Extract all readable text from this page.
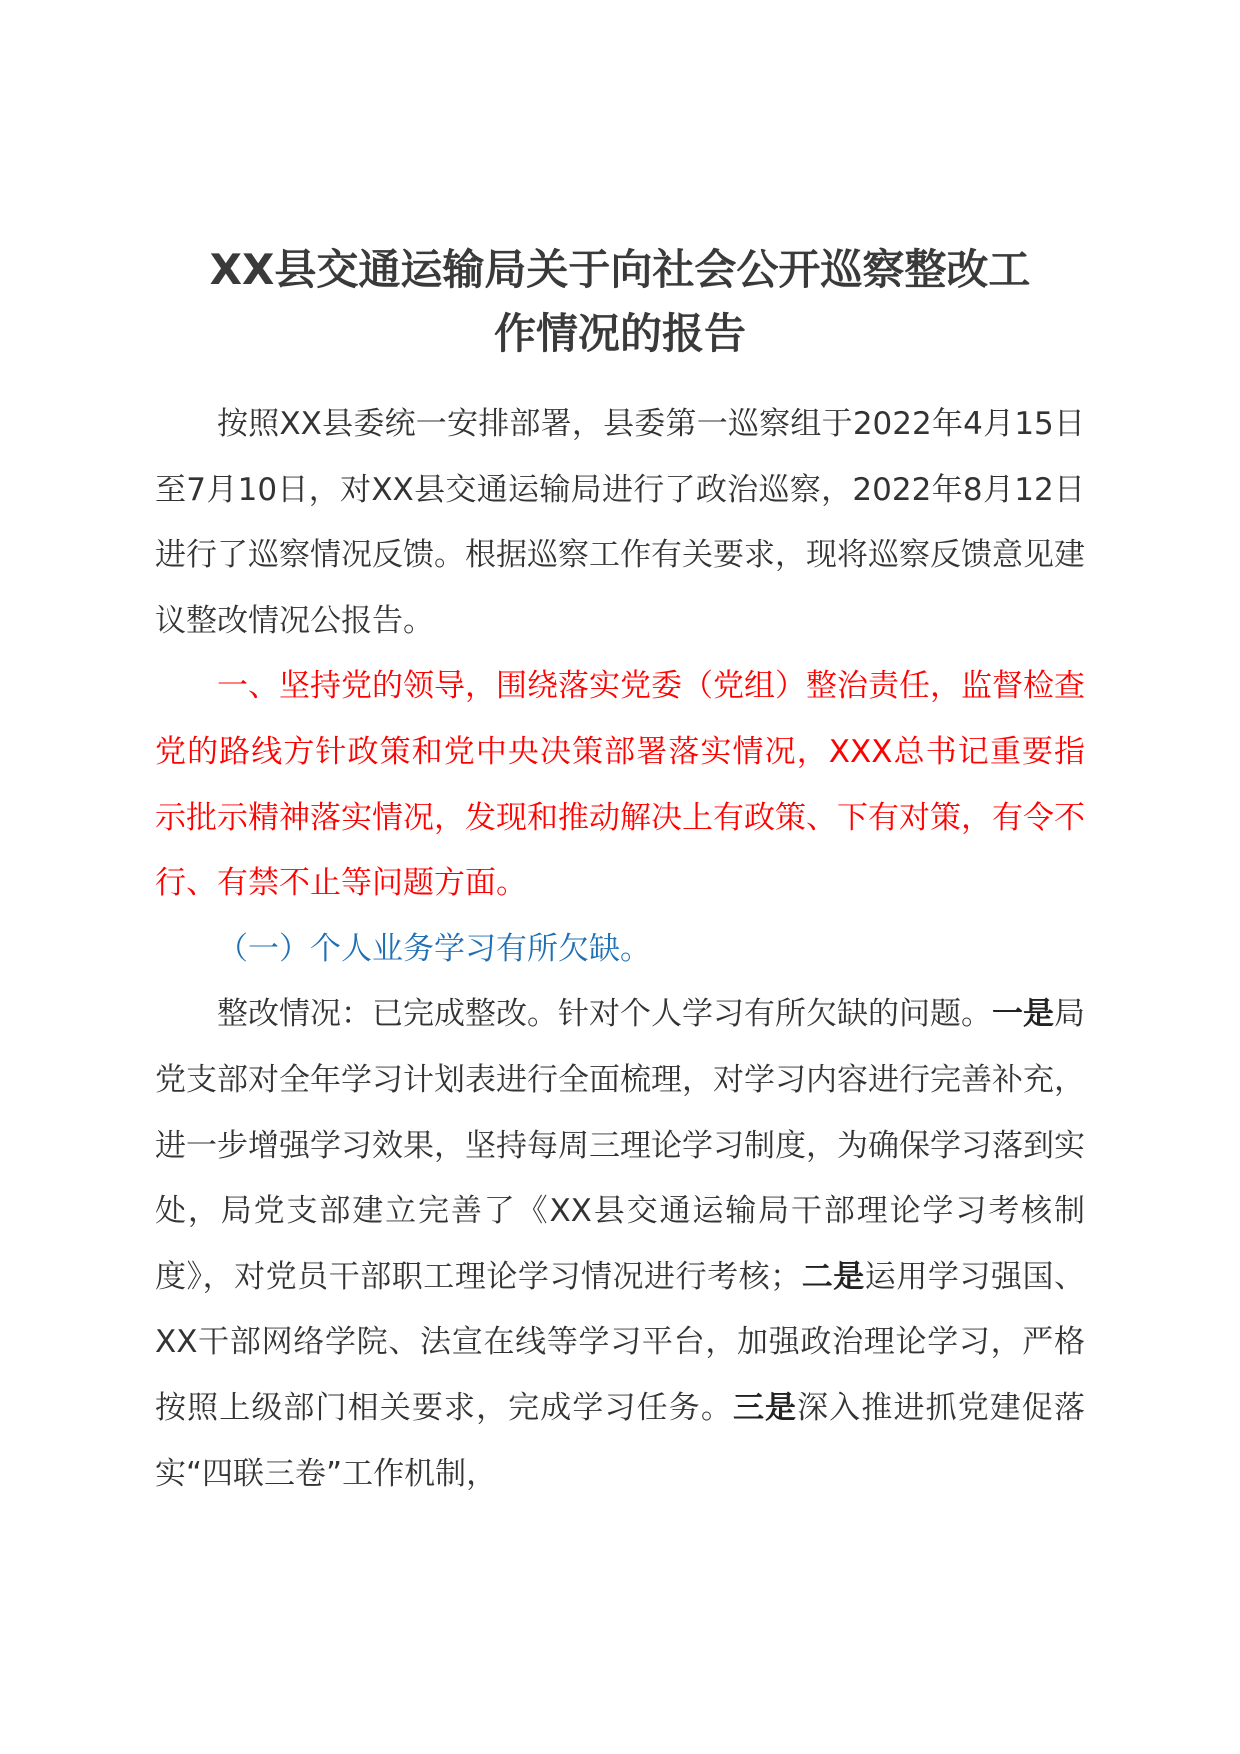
XX县交通运输局关于向社会公开巡察整改工
作情况的报告

按照XX县委统一安排部署，县委第一巡察组于2022年4月15日至7月10日，对XX县交通运输局进行了政治巡察，2022年8月12日进行了巡察情况反馈。根据巡察工作有关要求，现将巡察反馈意见建议整改情况公报告。

一、坚持党的领导，围绕落实党委（党组）整治责任，监督检查党的路线方针政策和党中央决策部署落实情况，XXX总书记重要指示批示精神落实情况，发现和推动解决上有政策、下有对策，有令不行、有禁不止等问题方面。

（一）个人业务学习有所欠缺。

整改情况：已完成整改。针对个人学习有所欠缺的问题。一是局党支部对全年学习计划表进行全面梳理，对学习内容进行完善补充，进一步增强学习效果，坚持每周三理论学习制度，为确保学习落到实处，局党支部建立完善了《XX县交通运输局干部理论学习考核制度》，对党员干部职工理论学习情况进行考核；二是运用学习强国、XX干部网络学院、法宣在线等学习平台，加强政治理论学习，严格按照上级部门相关要求，完成学习任务。三是深入推进抓党建促落实“四联三卷”工作机制，
